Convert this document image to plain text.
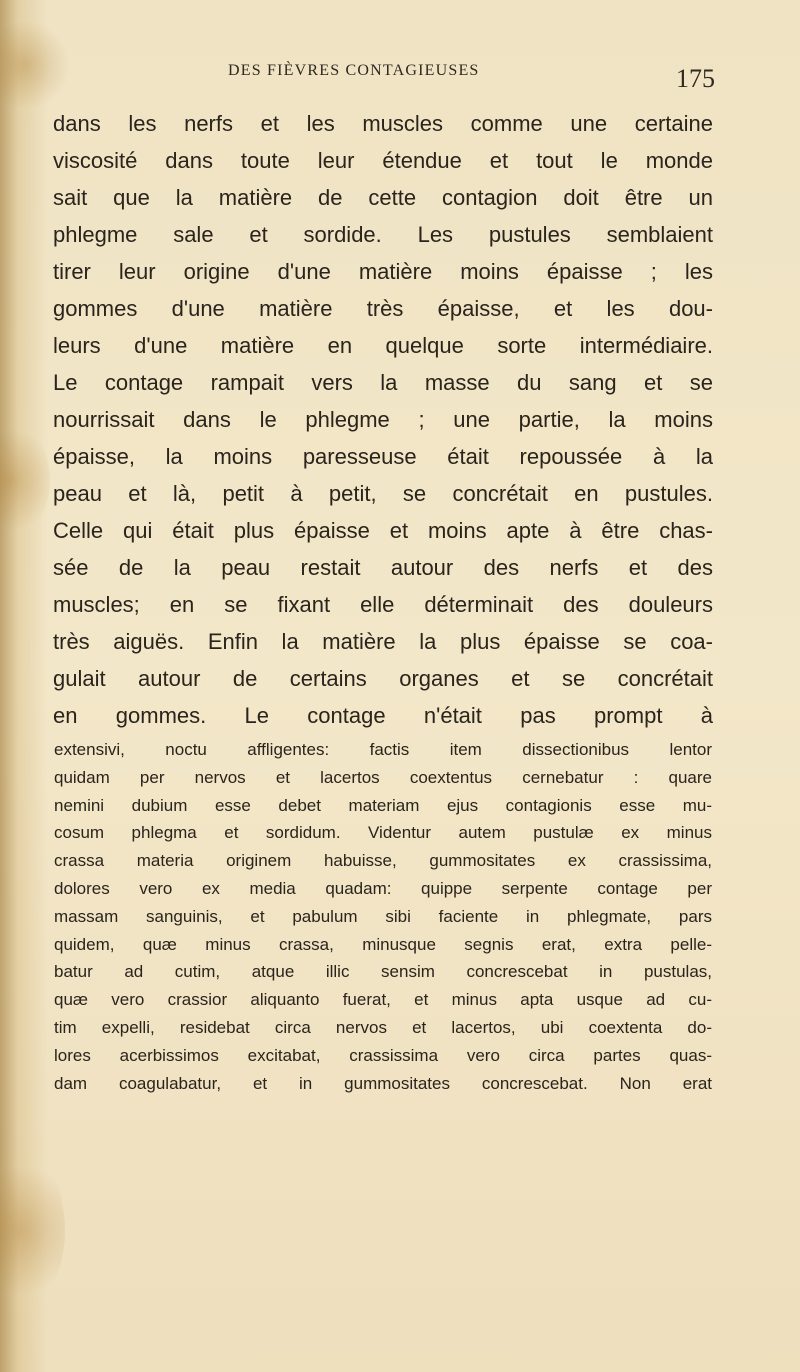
DES FIÈVRES CONTAGIEUSES	175
dans les nerfs et les muscles comme une certaine
viscosité dans toute leur étendue et tout le monde
sait que la matière de cette contagion doit être un
phlegme sale et sordide. Les pustules semblaient
tirer leur origine d'une matière moins épaisse ; les
gommes d'une matière très épaisse, et les dou-
leurs d'une matière en quelque sorte intermédiaire.
Le contage rampait vers la masse du sang et se
nourrissait dans le phlegme ; une partie, la moins
épaisse, la moins paresseuse était repoussée à la
peau et là, petit à petit, se concrétait en pustules.
Celle qui était plus épaisse et moins apte à être chas-
sée de la peau restait autour des nerfs et des
muscles; en se fixant elle déterminait des douleurs
très aiguës. Enfin la matière la plus épaisse se coa-
gulait autour de certains organes et se concrétait
en gommes. Le contage n'était pas prompt à
extensivi, noctu affligentes: factis item dissectionibus lentor
quidam per nervos et lacertos coextentus cernebatur : quare
nemini dubium esse debet materiam ejus contagionis esse mu-
cosum phlegma et sordidum. Videntur autem pustulæ ex minus
crassa materia originem habuisse, gummositates ex crassissima,
dolores vero ex media quadam: quippe serpente contage per
massam sanguinis, et pabulum sibi faciente in phlegmate, pars
quidem, quæ minus crassa, minusque segnis erat, extra pelle-
batur ad cutim, atque illic sensim concrescebat in pustulas,
quæ vero crassior aliquanto fuerat, et minus apta usque ad cu-
tim expelli, residebat circa nervos et lacertos, ubi coextenta do-
lores acerbissimos excitabat, crassissima vero circa partes quas-
dam coagulabatur, et in gummositates concrescebat. Non erat
